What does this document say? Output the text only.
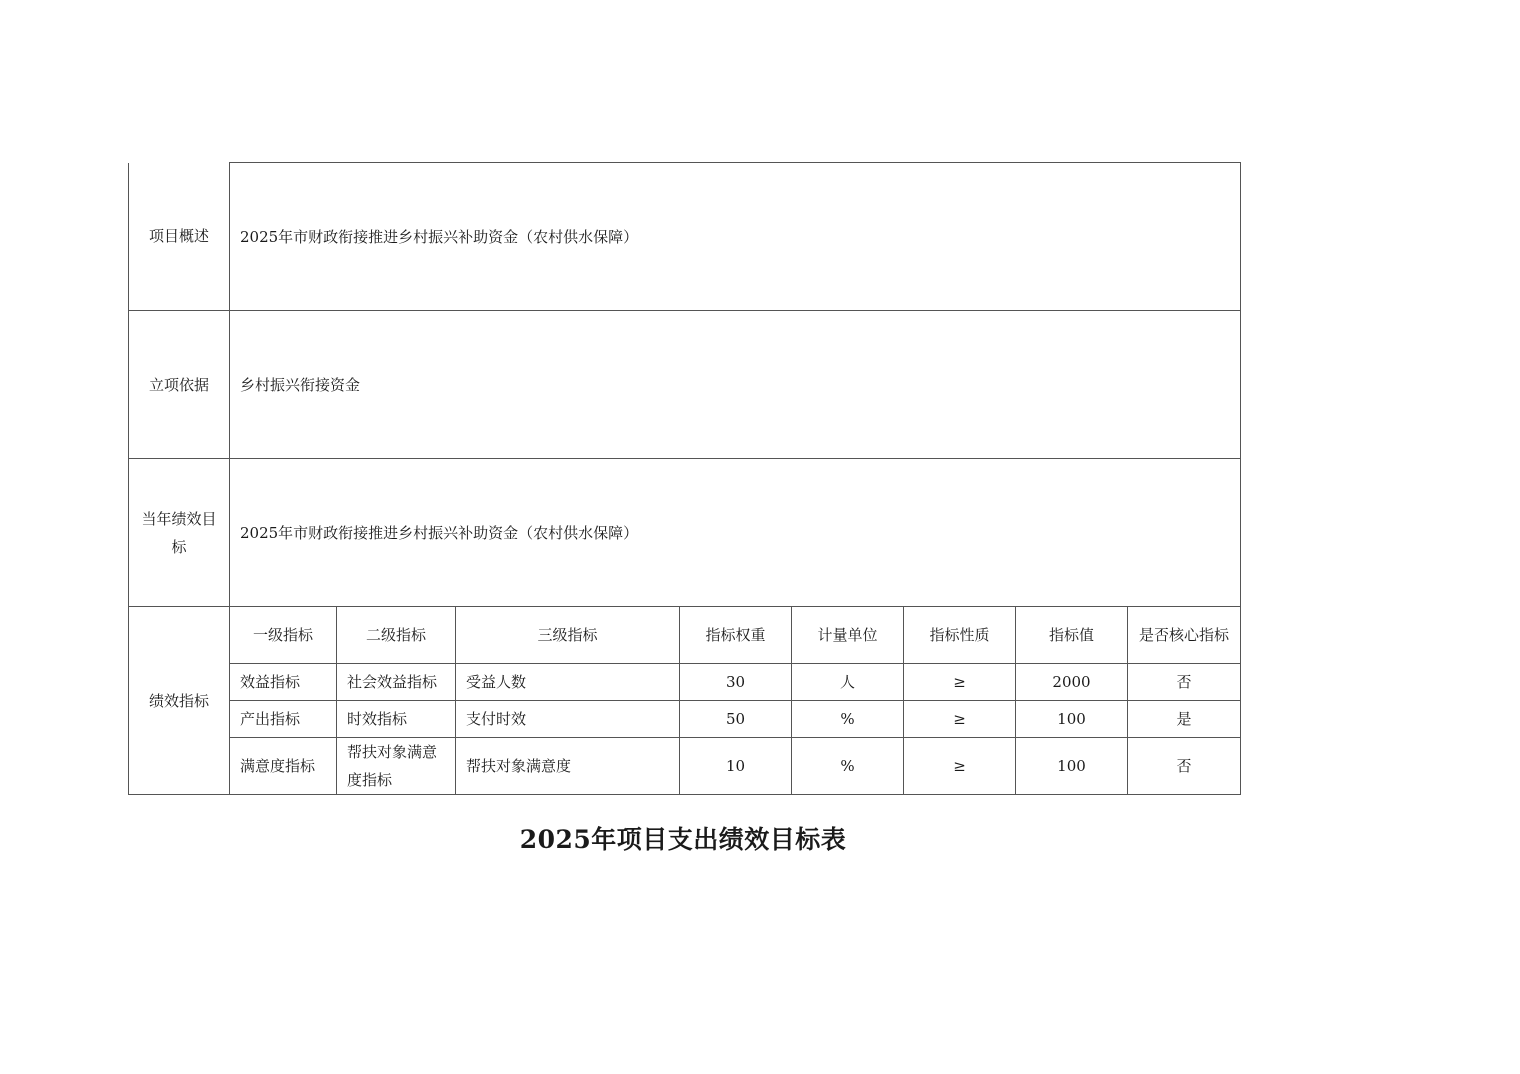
项目概述	2025年市财政衔接推进乡村振兴补助资金（农村供水保障）							
立项依据	乡村振兴衔接资金							
当年绩效目标	2025年市财政衔接推进乡村振兴补助资金（农村供水保障）							
绩效指标	一级指标	二级指标	三级指标	指标权重	计量单位	指标性质	指标值	是否核心指标
	效益指标	社会效益指标	受益人数	30	人	≥	2000	否
	产出指标	时效指标	支付时效	50	%	≥	100	是
	满意度指标	帮扶对象满意度指标	帮扶对象满意度	10	%	≥	100	否
2025年项目支出绩效目标表
